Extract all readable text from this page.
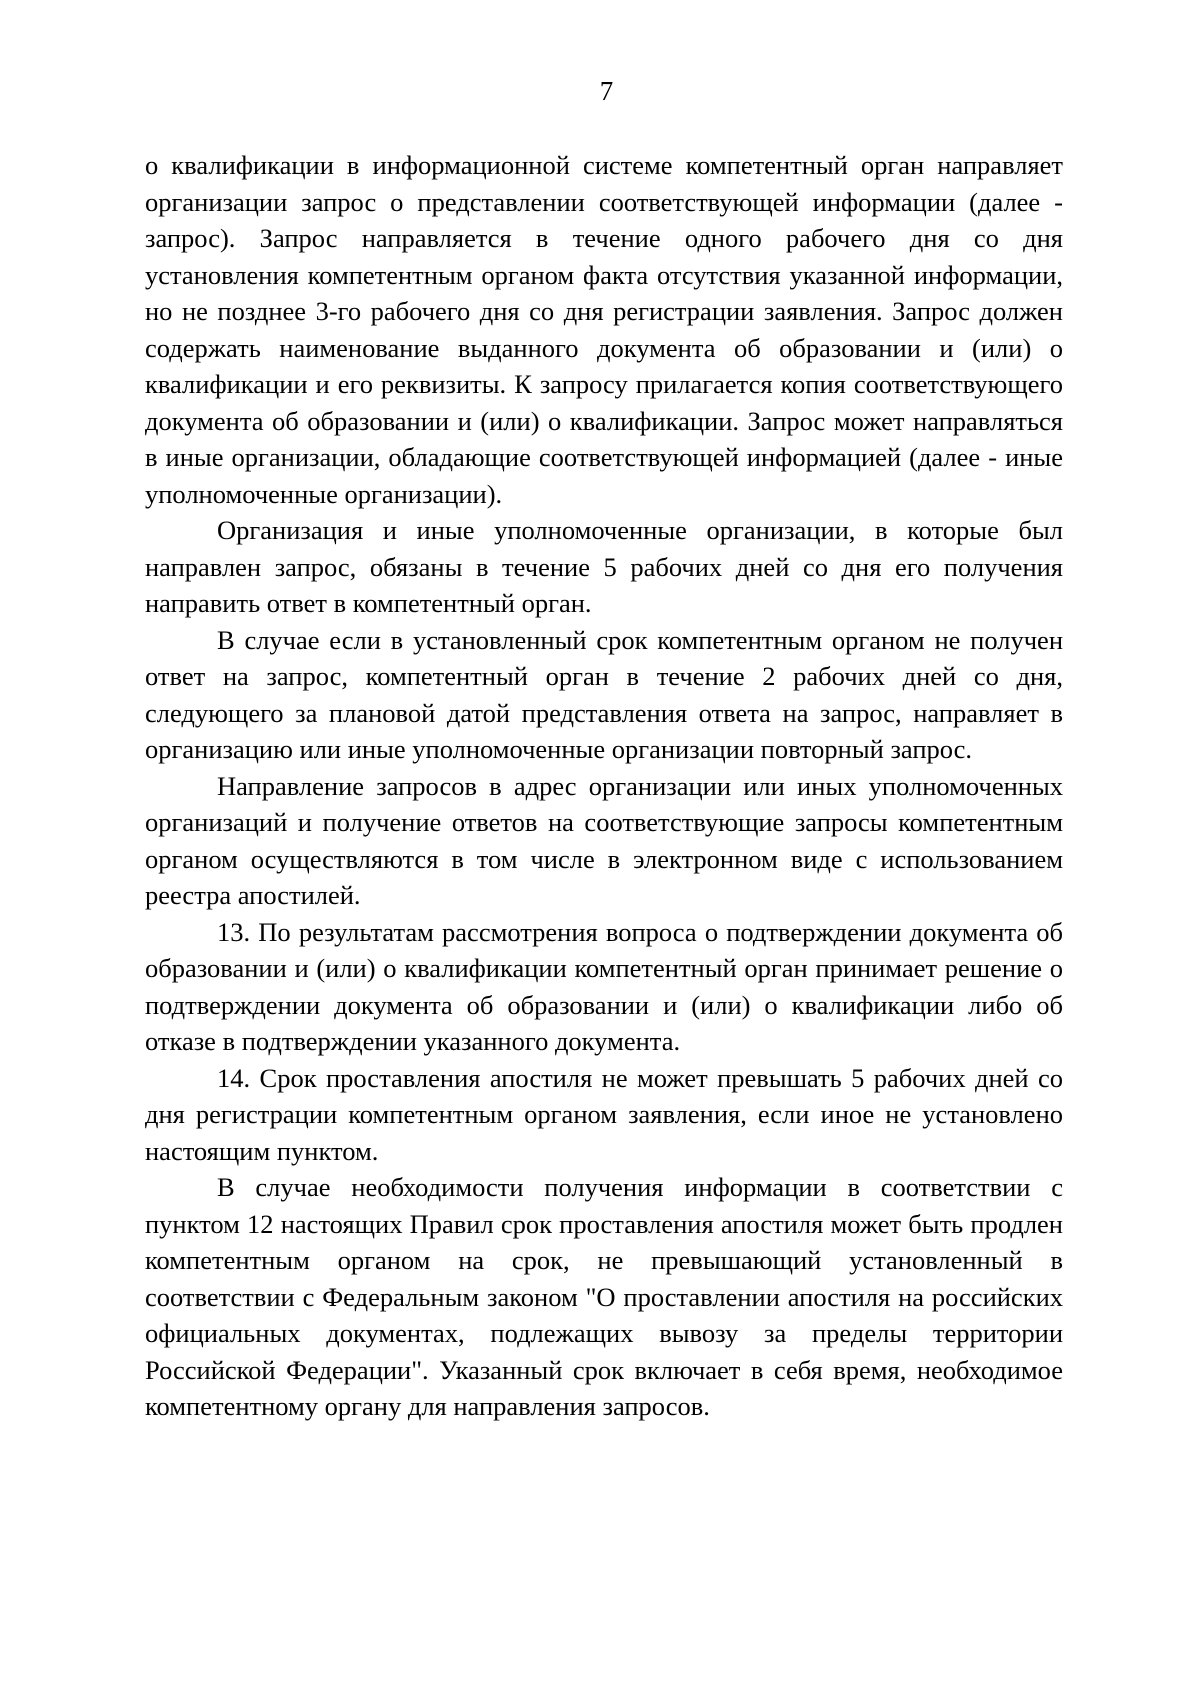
7

о квалификации в информационной системе компетентный орган направляет организации запрос о представлении соответствующей информации (далее - запрос). Запрос направляется в течение одного рабочего дня со дня установления компетентным органом факта отсутствия указанной информации, но не позднее 3-го рабочего дня со дня регистрации заявления. Запрос должен содержать наименование выданного документа об образовании и (или) о квалификации и его реквизиты. К запросу прилагается копия соответствующего документа об образовании и (или) о квалификации. Запрос может направляться в иные организации, обладающие соответствующей информацией (далее - иные уполномоченные организации).

Организация и иные уполномоченные организации, в которые был направлен запрос, обязаны в течение 5 рабочих дней со дня его получения направить ответ в компетентный орган.

В случае если в установленный срок компетентным органом не получен ответ на запрос, компетентный орган в течение 2 рабочих дней со дня, следующего за плановой датой представления ответа на запрос, направляет в организацию или иные уполномоченные организации повторный запрос.

Направление запросов в адрес организации или иных уполномоченных организаций и получение ответов на соответствующие запросы компетентным органом осуществляются в том числе в электронном виде с использованием реестра апостилей.

13. По результатам рассмотрения вопроса о подтверждении документа об образовании и (или) о квалификации компетентный орган принимает решение о подтверждении документа об образовании и (или) о квалификации либо об отказе в подтверждении указанного документа.

14. Срок проставления апостиля не может превышать 5 рабочих дней со дня регистрации компетентным органом заявления, если иное не установлено настоящим пунктом.

В случае необходимости получения информации в соответствии с пунктом 12 настоящих Правил срок проставления апостиля может быть продлен компетентным органом на срок, не превышающий установленный в соответствии с Федеральным законом "О проставлении апостиля на российских официальных документах, подлежащих вывозу за пределы территории Российской Федерации". Указанный срок включает в себя время, необходимое компетентному органу для направления запросов.
